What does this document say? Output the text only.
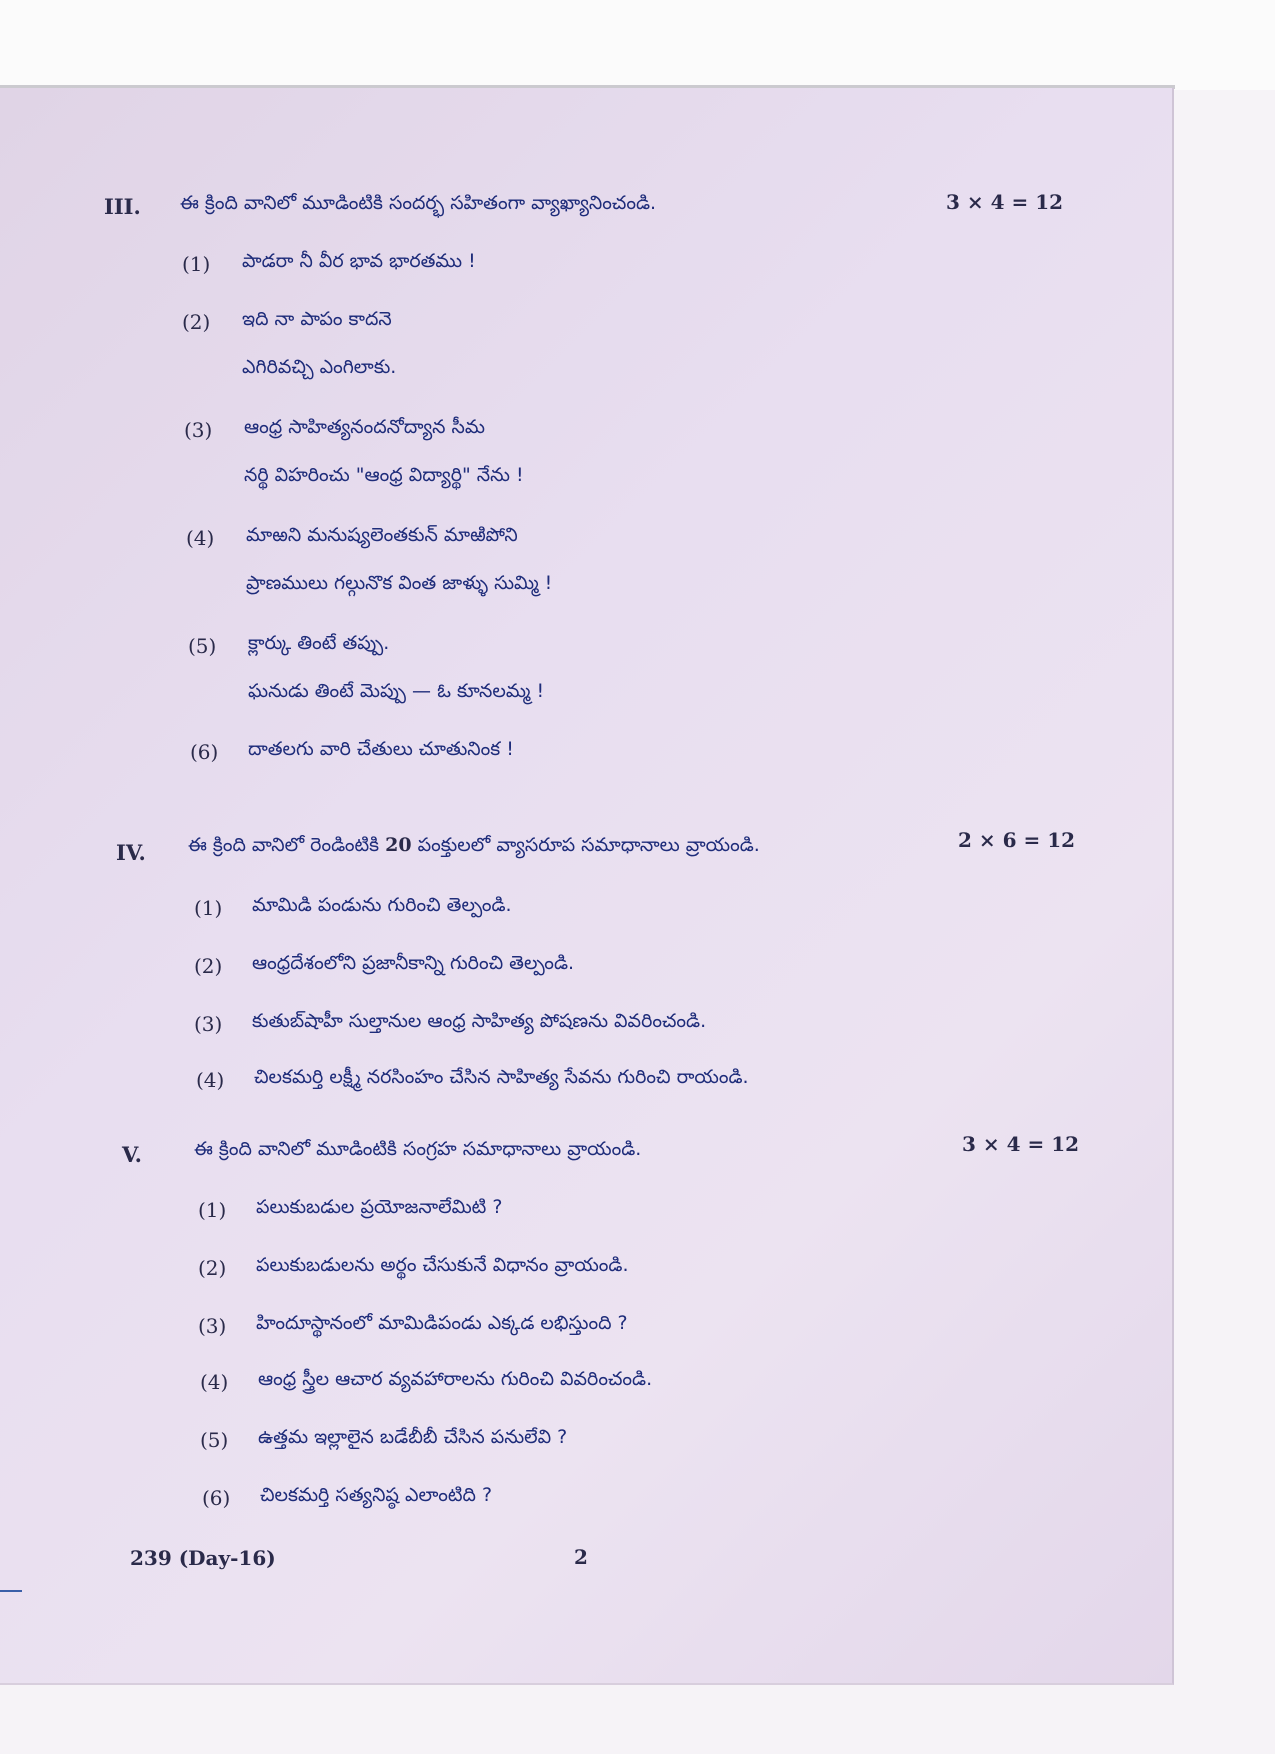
III. ఈ క్రింది వానిలో మూడింటికి సందర్భ సహితంగా వ్యాఖ్యానించండి.	3 × 4 = 12
(1) పాడరా నీ వీర భావ భారతము !
(2) ఇది నా పాపం కాదనె
ఎగిరివచ్చి ఎంగిలాకు.
(3) ఆంధ్ర సాహిత్యనందనోద్యాన సీమ
నర్థి విహరించు "ఆంధ్ర విద్యార్థి" నేను !
(4) మాఱని మనుష్యలెంతకున్ మాఱిపోని
ప్రాణములు గల్గునొక వింత జాళ్ళు సుమ్మి !
(5) క్లార్కు తింటే తప్పు.
ఘనుడు తింటే మెప్పు — ఓ కూనలమ్మ !
(6) దాతలగు వారి చేతులు చూతునింక !
IV. ఈ క్రింది వానిలో రెండింటికి 20 పంక్తులలో వ్యాసరూప సమాధానాలు వ్రాయండి.	2 × 6 = 12
(1) మామిడి పండును గురించి తెల్పండి.
(2) ఆంధ్రదేశంలోని ప్రజానీకాన్ని గురించి తెల్పండి.
(3) కుతుబ్‌షాహీ సుల్తానుల ఆంధ్ర సాహిత్య పోషణను వివరించండి.
(4) చిలకమర్తి లక్ష్మీ నరసింహం చేసిన సాహిత్య సేవను గురించి రాయండి.
V.	ఈ క్రింది వానిలో మూడింటికి సంగ్రహ సమాధానాలు వ్రాయండి.	3 × 4 = 12
(1) పలుకుబడుల ప్రయోజనాలేమిటి ?
(2) పలుకుబడులను అర్థం చేసుకునే విధానం వ్రాయండి.
(3) హిందూస్థానంలో మామిడిపండు ఎక్కడ లభిస్తుంది ?
(4) ఆంధ్ర స్త్రీల ఆచార వ్యవహారాలను గురించి వివరించండి.
(5) ఉత్తమ ఇల్లాలైన బడేబీబీ చేసిన పనులేవి ?
(6) చిలకమర్తి సత్యనిష్ఠ ఎలాంటిది ?
239 (Day-16)	2
